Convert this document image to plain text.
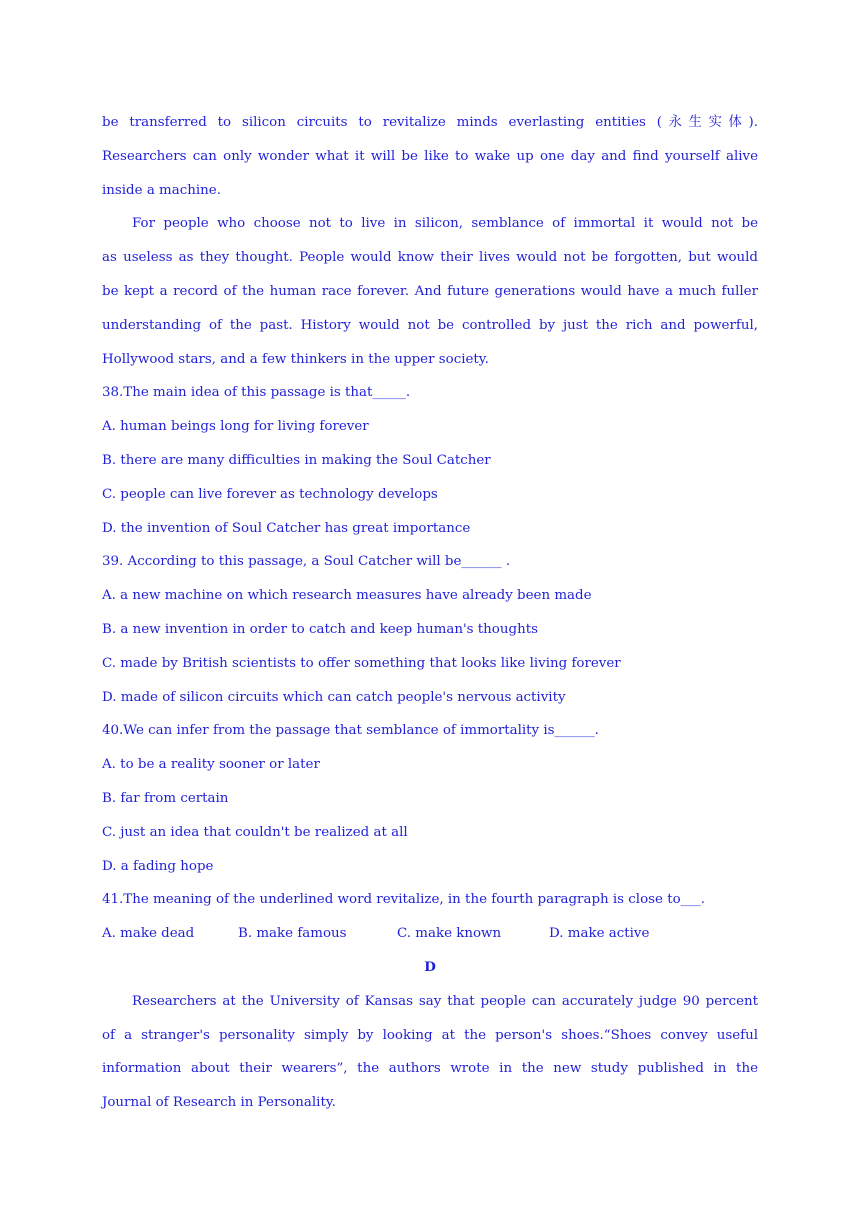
be transferred to silicon circuits to revitalize minds everlasting entities (永生实体).
Researchers can only wonder what it will be like to wake up one day and find yourself alive
inside a machine.
For people who choose not to live in silicon, semblance of immortal it would not be
as useless as they thought. People would know their lives would not be forgotten, but would
be kept a record of the human race forever. And future generations would have a much fuller
understanding of the past. History would not be controlled by just the rich and powerful,
Hollywood stars, and a few thinkers in the upper society.
38.The main idea of this passage is that_____.
A. human beings long for living forever
B. there are many difficulties in making the Soul Catcher
C. people can live forever as technology develops
D. the invention of Soul Catcher has great importance
39. According to this passage, a Soul Catcher will be______ .
A. a new machine on which research measures have already been made
B. a new invention in order to catch and keep human's thoughts
C. made by British scientists to offer something that looks like living forever
D. made of silicon circuits which can catch people's nervous activity
40.We can infer from the passage that semblance of immortality is______.
A. to be a reality sooner or later
B. far from certain
C. just an idea that couldn't be realized at all
D. a fading hope
41.The meaning of the underlined word revitalize, in the fourth paragraph is close to___.
A. make dead	B. make famous	C. make known	D. make active
D
Researchers at the University of Kansas say that people can accurately judge 90 percent
of a stranger's personality simply by looking at the person's shoes.“Shoes convey useful
information about their wearers”, the authors wrote in the new study published in the
Journal of Research in Personality.
